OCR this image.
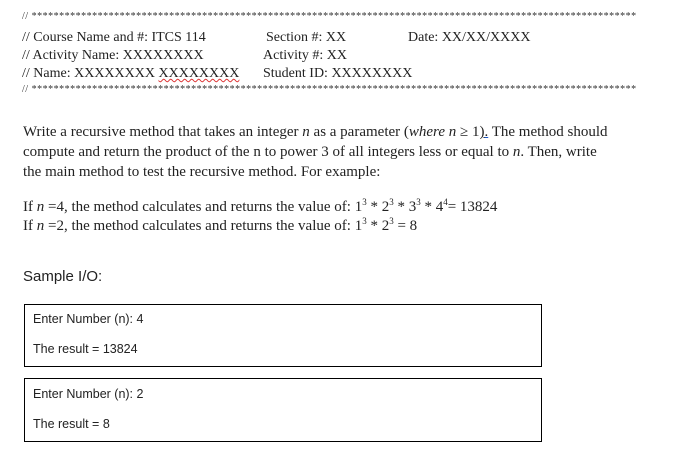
// **************************************************************************************************************
// Course Name and #: ITCS 114	Section #: XX	Date: XX/XX/XXXX
// Activity Name: XXXXXXXX	Activity #: XX
// Name: XXXXXXXX XXXXXXXX Student ID: XXXXXXXX
// **************************************************************************************************************
Write a recursive method that takes an integer n as a parameter (where n ≥ 1). The method should
compute and return the product of the n to power 3 of all integers less or equal to n. Then, write
the main method to test the recursive method. For example:
If n =4, the method calculates and returns the value of: $1^3 * 2^3 * 3^3 * 4^4= 13824$
If n =2, the method calculates and returns the value of: $1^3 * 2^3 = 8$
Sample I/O:
Enter Number (n): 4
The result = 13824
Enter Number (n): 2
The result = 8
